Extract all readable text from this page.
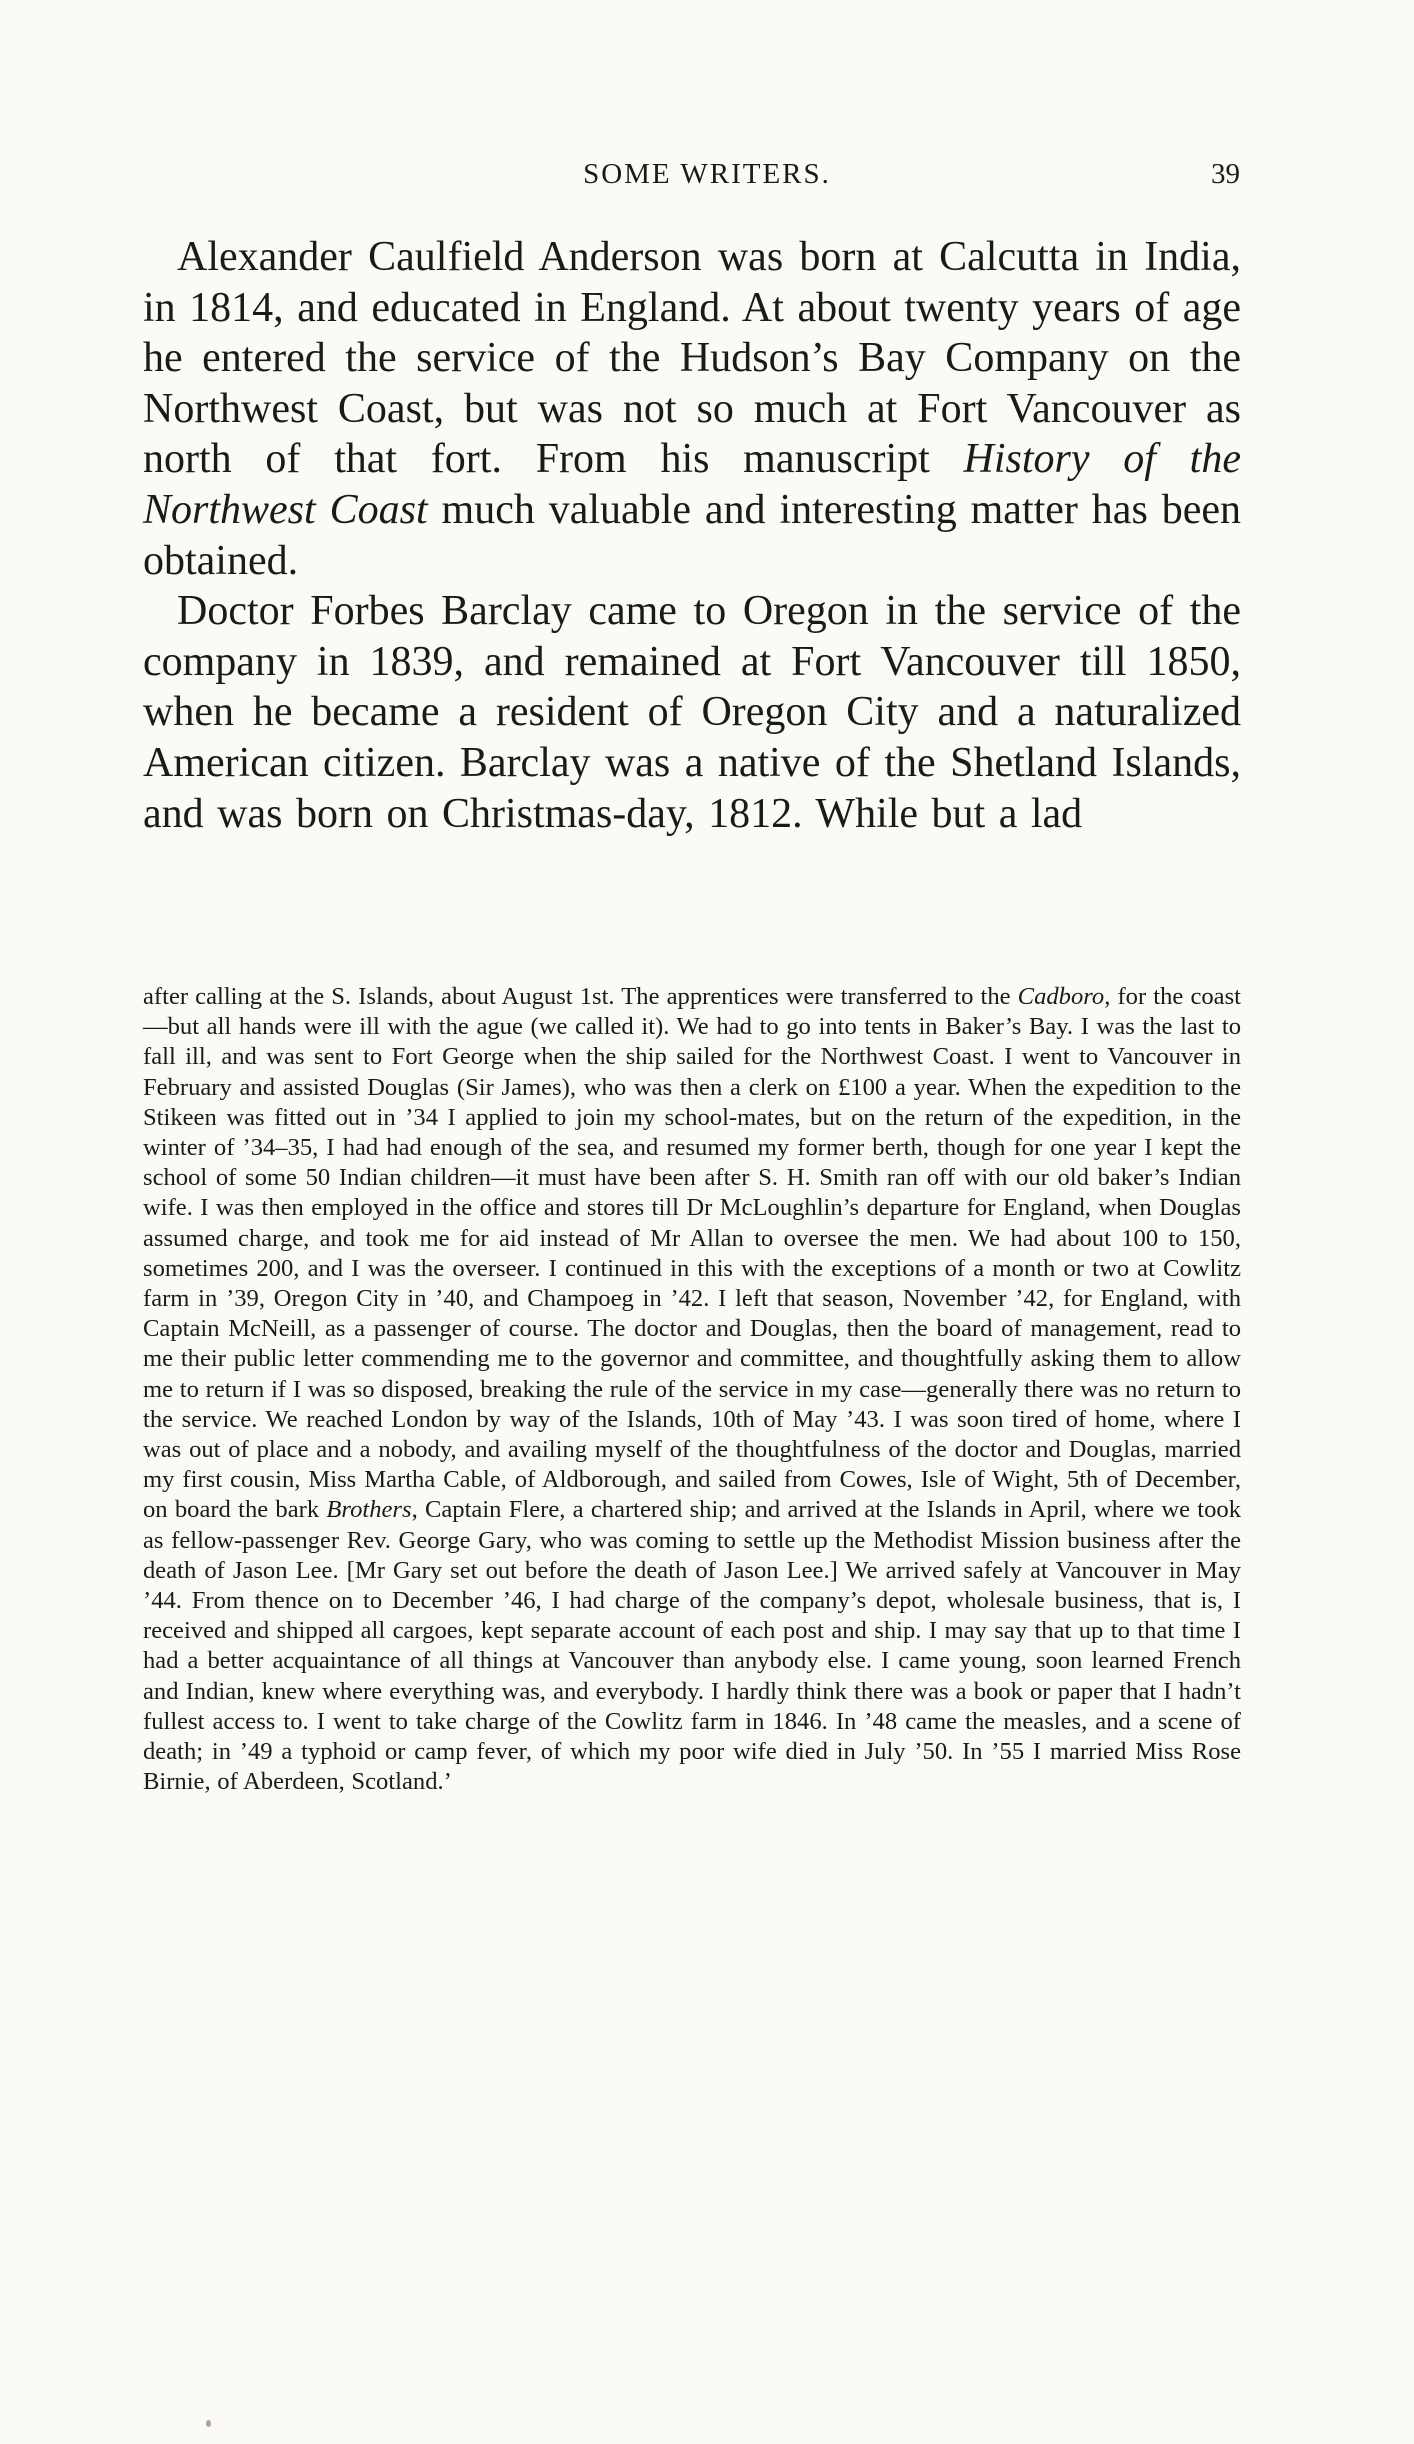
SOME WRITERS.	39

Alexander Caulfield Anderson was born at Calcutta in India, in 1814, and educated in England. At about twenty years of age he entered the service of the Hudson’s Bay Company on the Northwest Coast, but was not so much at Fort Vancouver as north of that fort. From his manuscript History of the Northwest Coast much valuable and interesting matter has been obtained.

Doctor Forbes Barclay came to Oregon in the service of the company in 1839, and remained at Fort Vancouver till 1850, when he became a resident of Oregon City and a naturalized American citizen. Barclay was a native of the Shetland Islands, and was born on Christmas-day, 1812. While but a lad

after calling at the S. Islands, about August 1st. The apprentices were transferred to the Cadboro, for the coast—but all hands were ill with the ague (we called it). We had to go into tents in Baker’s Bay. I was the last to fall ill, and was sent to Fort George when the ship sailed for the Northwest Coast. I went to Vancouver in February and assisted Douglas (Sir James), who was then a clerk on £100 a year. When the expedition to the Stikeen was fitted out in ’34 I applied to join my school-mates, but on the return of the expedition, in the winter of ’34–35, I had had enough of the sea, and resumed my former berth, though for one year I kept the school of some 50 Indian children—it must have been after S. H. Smith ran off with our old baker’s Indian wife. I was then employed in the office and stores till Dr McLoughlin’s departure for England, when Douglas assumed charge, and took me for aid instead of Mr Allan to oversee the men. We had about 100 to 150, sometimes 200, and I was the overseer. I continued in this with the exceptions of a month or two at Cowlitz farm in ’39, Oregon City in ’40, and Champoeg in ’42. I left that season, November ’42, for England, with Captain McNeill, as a passenger of course. The doctor and Douglas, then the board of management, read to me their public letter commending me to the governor and committee, and thoughtfully asking them to allow me to return if I was so disposed, breaking the rule of the service in my case—generally there was no return to the service. We reached London by way of the Islands, 10th of May ’43. I was soon tired of home, where I was out of place and a nobody, and availing myself of the thoughtfulness of the doctor and Douglas, married my first cousin, Miss Martha Cable, of Aldborough, and sailed from Cowes, Isle of Wight, 5th of December, on board the bark Brothers, Captain Flere, a chartered ship; and arrived at the Islands in April, where we took as fellow-passenger Rev. George Gary, who was coming to settle up the Methodist Mission business after the death of Jason Lee. [Mr Gary set out before the death of Jason Lee.] We arrived safely at Vancouver in May ’44. From thence on to December ’46, I had charge of the company’s depot, wholesale business, that is, I received and shipped all cargoes, kept separate account of each post and ship. I may say that up to that time I had a better acquaintance of all things at Vancouver than anybody else. I came young, soon learned French and Indian, knew where everything was, and everybody. I hardly think there was a book or paper that I hadn’t fullest access to. I went to take charge of the Cowlitz farm in 1846. In ’48 came the measles, and a scene of death; in ’49 a typhoid or camp fever, of which my poor wife died in July ’50. In ’55 I married Miss Rose Birnie, of Aberdeen, Scotland.’
